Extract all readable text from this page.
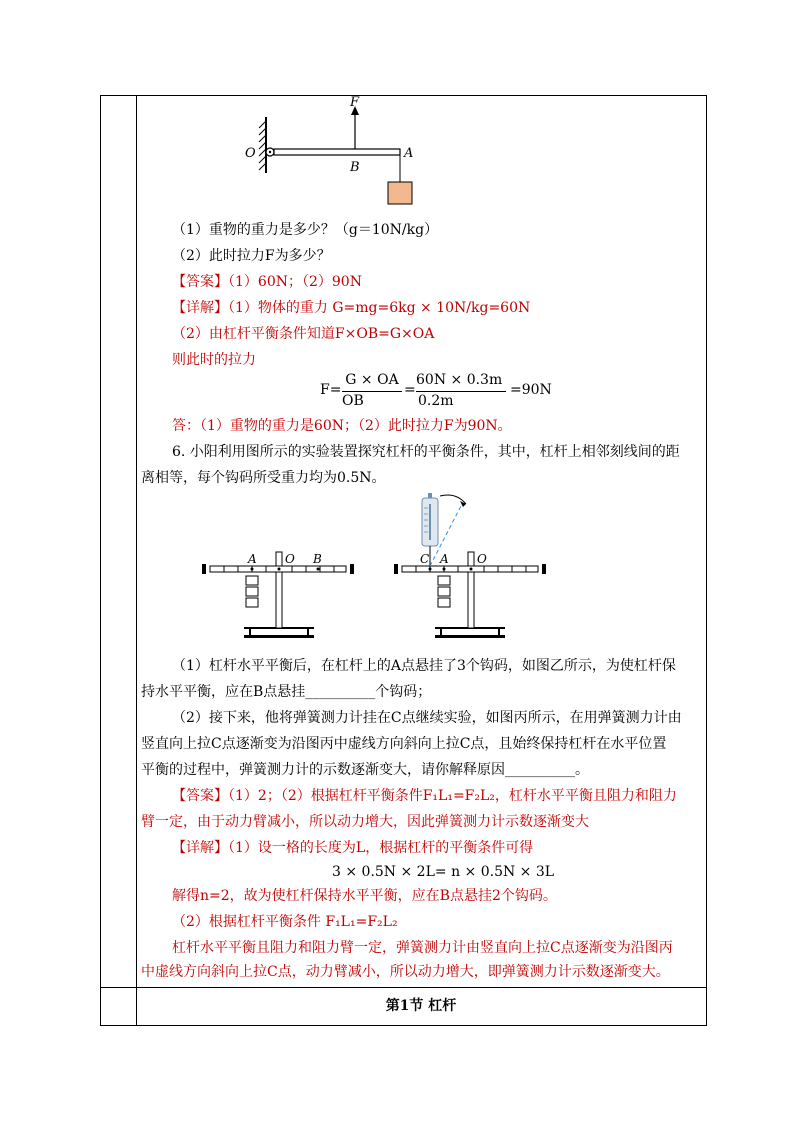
F
O
B
A
（1）重物的重力是多少？（g＝10N/kg）
（2）此时拉力F为多少？
【答案】（1）60N；（2）90N
【详解】（1）物体的重力 G=mg=6kg × 10N/kg=60N
（2）由杠杆平衡条件知道F×OB=G×OA
则此时的拉力
F=
G × OA
OB
=
60N × 0.3m
0.2m
=90N
答：（1）重物的重力是60N；（2）此时拉力F为90N。
6. 小阳利用图所示的实验装置探究杠杆的平衡条件，其中，杠杆上相邻刻线间的距
离相等，每个钩码所受重力均为0.5N。
A O B	C A O
（1）杠杆水平平衡后，在杠杆上的A点悬挂了3个钩码，如图乙所示，为使杠杆保
持水平平衡，应在B点悬挂__________个钩码；
（2）接下来，他将弹簧测力计挂在C点继续实验，如图丙所示，在用弹簧测力计由
竖直向上拉C点逐渐变为沿图丙中虚线方向斜向上拉C点，且始终保持杠杆在水平位置
平衡的过程中，弹簧测力计的示数逐渐变大，请你解释原因__________。
【答案】（1）2；（2）根据杠杆平衡条件F₁L₁=F₂L₂，杠杆水平平衡且阻力和阻力
臂一定，由于动力臂减小，所以动力增大，因此弹簧测力计示数逐渐变大
【详解】（1）设一格的长度为L，根据杠杆的平衡条件可得
3 × 0.5N × 2L= n × 0.5N × 3L
解得n=2，故为使杠杆保持水平平衡，应在B点悬挂2个钩码。
（2）根据杠杆平衡条件 F₁L₁=F₂L₂
杠杆水平平衡且阻力和阻力臂一定，弹簧测力计由竖直向上拉C点逐渐变为沿图丙
中虚线方向斜向上拉C点，动力臂减小，所以动力增大，即弹簧测力计示数逐渐变大。
第1节 杠杆
